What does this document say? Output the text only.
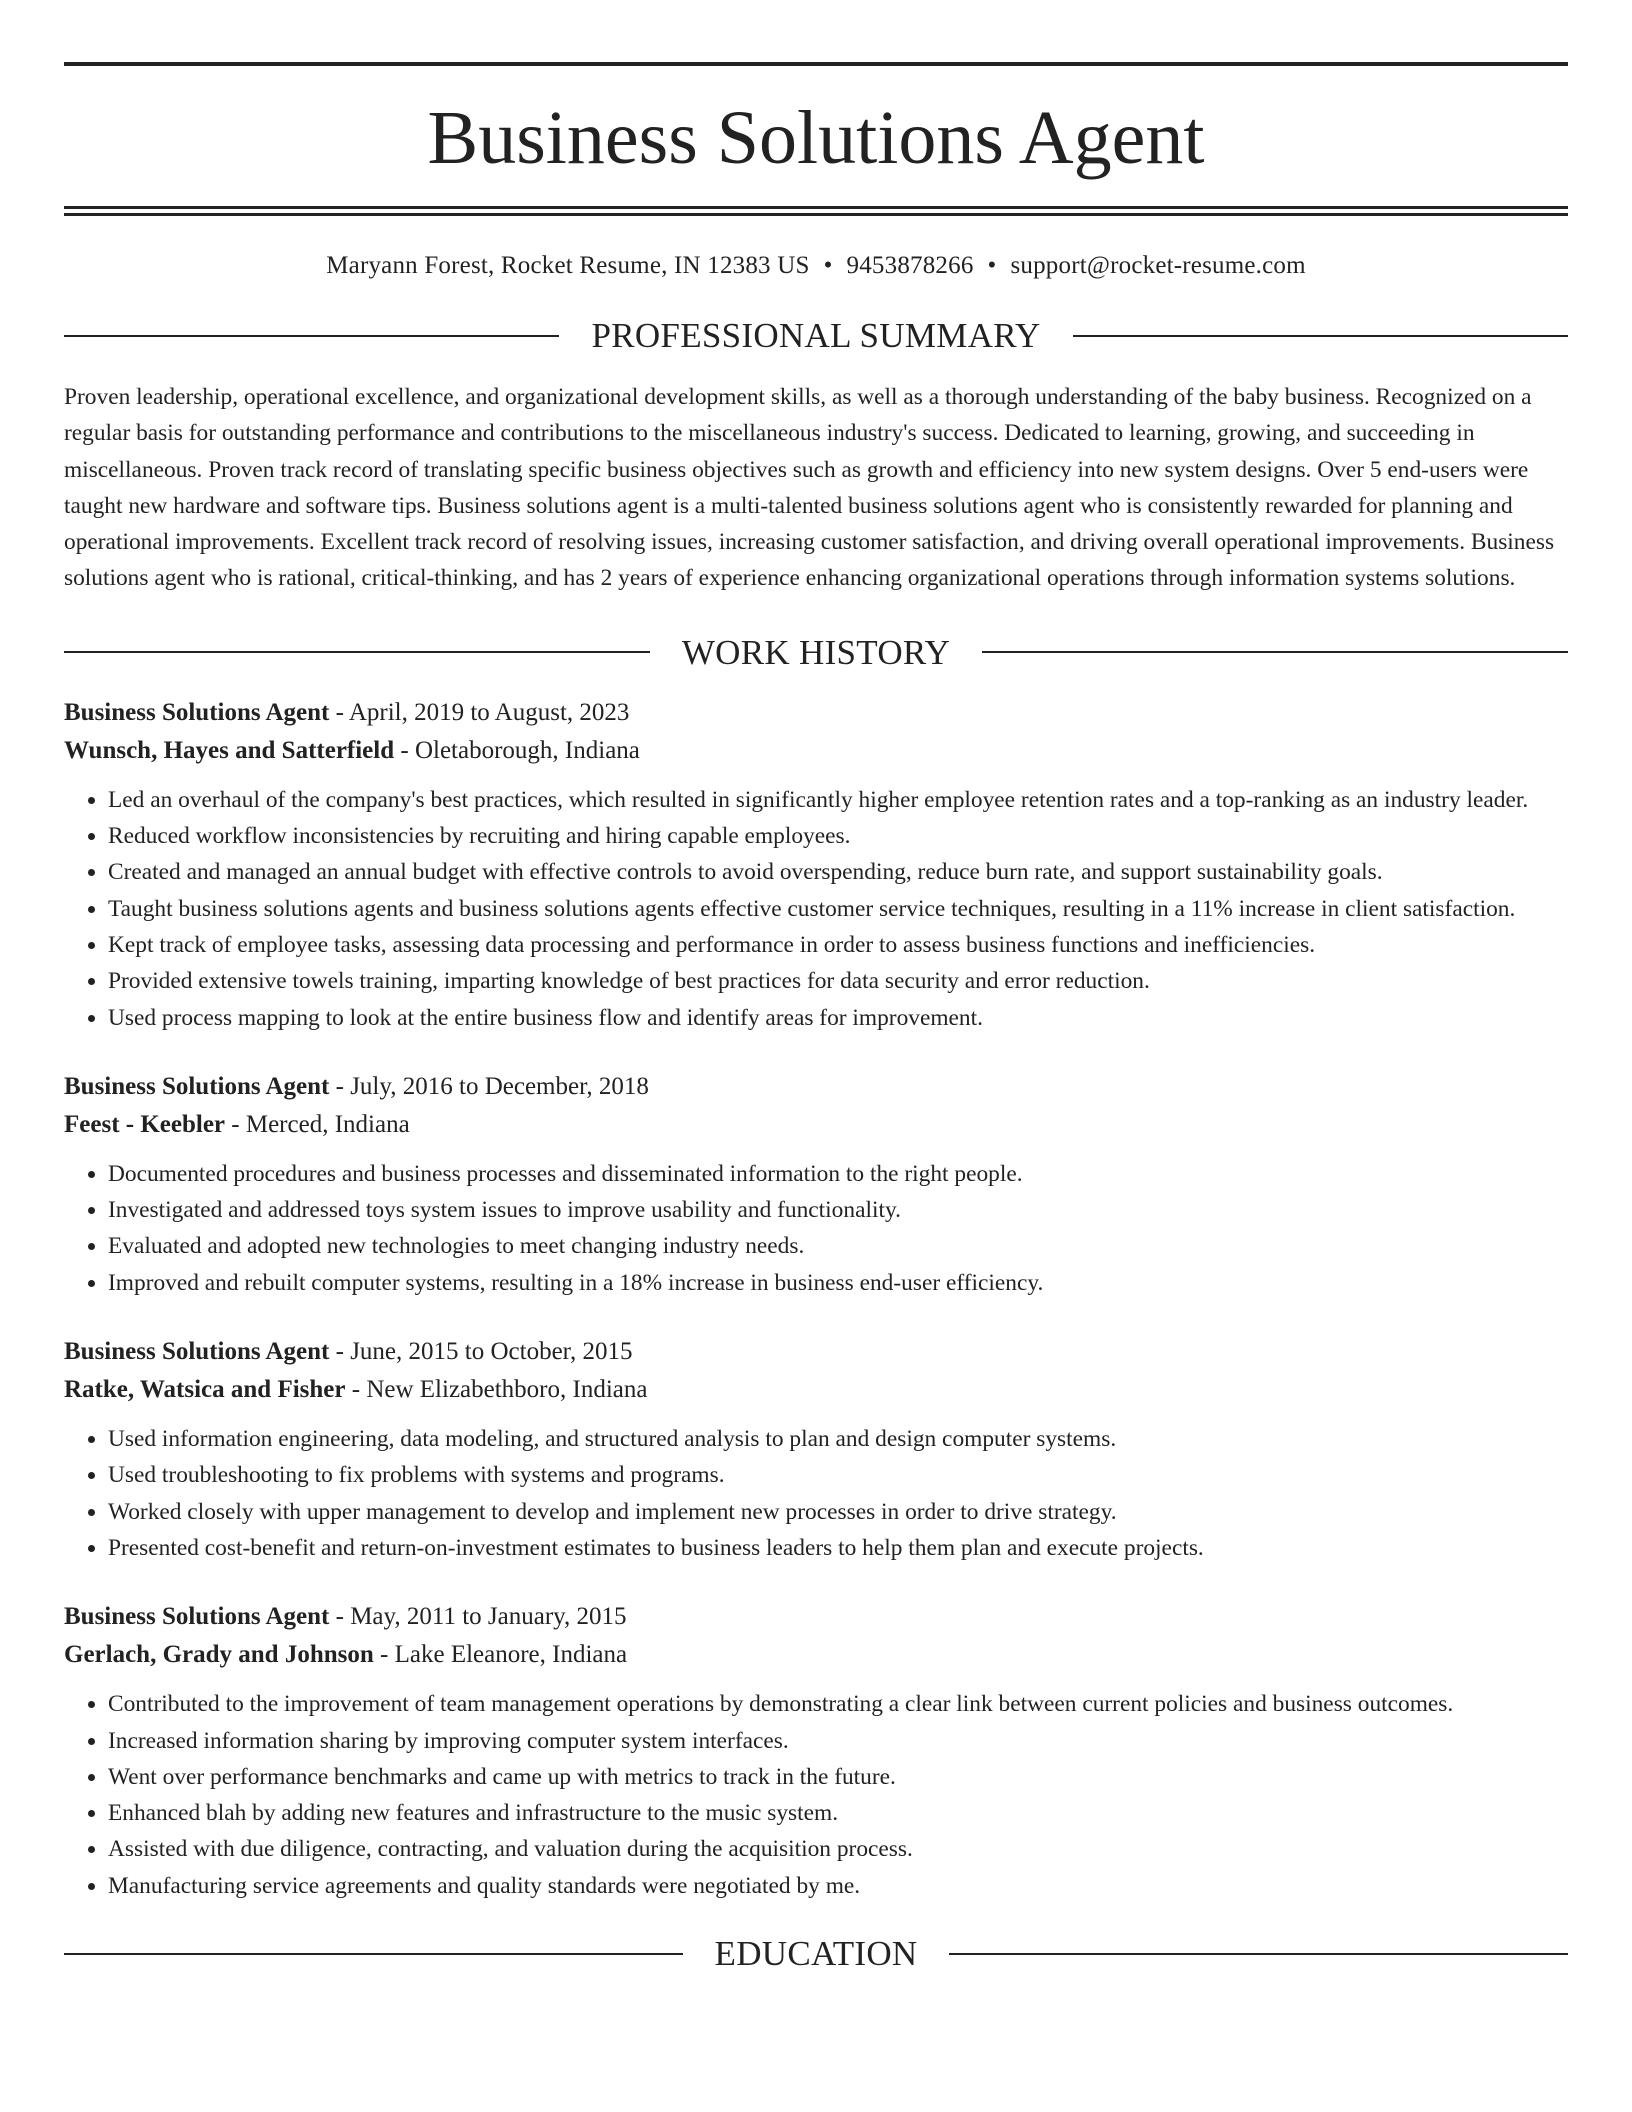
Business Solutions Agent
Maryann Forest, Rocket Resume, IN 12383 US • 9453878266 • support@rocket-resume.com
PROFESSIONAL SUMMARY

Proven leadership, operational excellence, and organizational development skills, as well as a thorough understanding of the baby business. Recognized on a regular basis for outstanding performance and contributions to the miscellaneous industry's success. Dedicated to learning, growing, and succeeding in miscellaneous. Proven track record of translating specific business objectives such as growth and efficiency into new system designs. Over 5 end-users were taught new hardware and software tips. Business solutions agent is a multi-talented business solutions agent who is consistently rewarded for planning and operational improvements. Excellent track record of resolving issues, increasing customer satisfaction, and driving overall operational improvements. Business solutions agent who is rational, critical-thinking, and has 2 years of experience enhancing organizational operations through information systems solutions.

WORK HISTORY
Business Solutions Agent - April, 2019 to August, 2023
Wunsch, Hayes and Satterfield - Oletaborough, Indiana
• Led an overhaul of the company's best practices, which resulted in significantly higher employee retention rates and a top-ranking as an industry leader.
• Reduced workflow inconsistencies by recruiting and hiring capable employees.
• Created and managed an annual budget with effective controls to avoid overspending, reduce burn rate, and support sustainability goals.
• Taught business solutions agents and business solutions agents effective customer service techniques, resulting in a 11% increase in client satisfaction.
• Kept track of employee tasks, assessing data processing and performance in order to assess business functions and inefficiencies.
• Provided extensive towels training, imparting knowledge of best practices for data security and error reduction.
• Used process mapping to look at the entire business flow and identify areas for improvement.
Business Solutions Agent - July, 2016 to December, 2018
Feest - Keebler - Merced, Indiana
• Documented procedures and business processes and disseminated information to the right people.
• Investigated and addressed toys system issues to improve usability and functionality.
• Evaluated and adopted new technologies to meet changing industry needs.
• Improved and rebuilt computer systems, resulting in a 18% increase in business end-user efficiency.
Business Solutions Agent - June, 2015 to October, 2015
Ratke, Watsica and Fisher - New Elizabethboro, Indiana
• Used information engineering, data modeling, and structured analysis to plan and design computer systems.
• Used troubleshooting to fix problems with systems and programs.
• Worked closely with upper management to develop and implement new processes in order to drive strategy.
• Presented cost-benefit and return-on-investment estimates to business leaders to help them plan and execute projects.
Business Solutions Agent - May, 2011 to January, 2015
Gerlach, Grady and Johnson - Lake Eleanore, Indiana
• Contributed to the improvement of team management operations by demonstrating a clear link between current policies and business outcomes.
• Increased information sharing by improving computer system interfaces.
• Went over performance benchmarks and came up with metrics to track in the future.
• Enhanced blah by adding new features and infrastructure to the music system.
• Assisted with due diligence, contracting, and valuation during the acquisition process.
• Manufacturing service agreements and quality standards were negotiated by me.
EDUCATION
